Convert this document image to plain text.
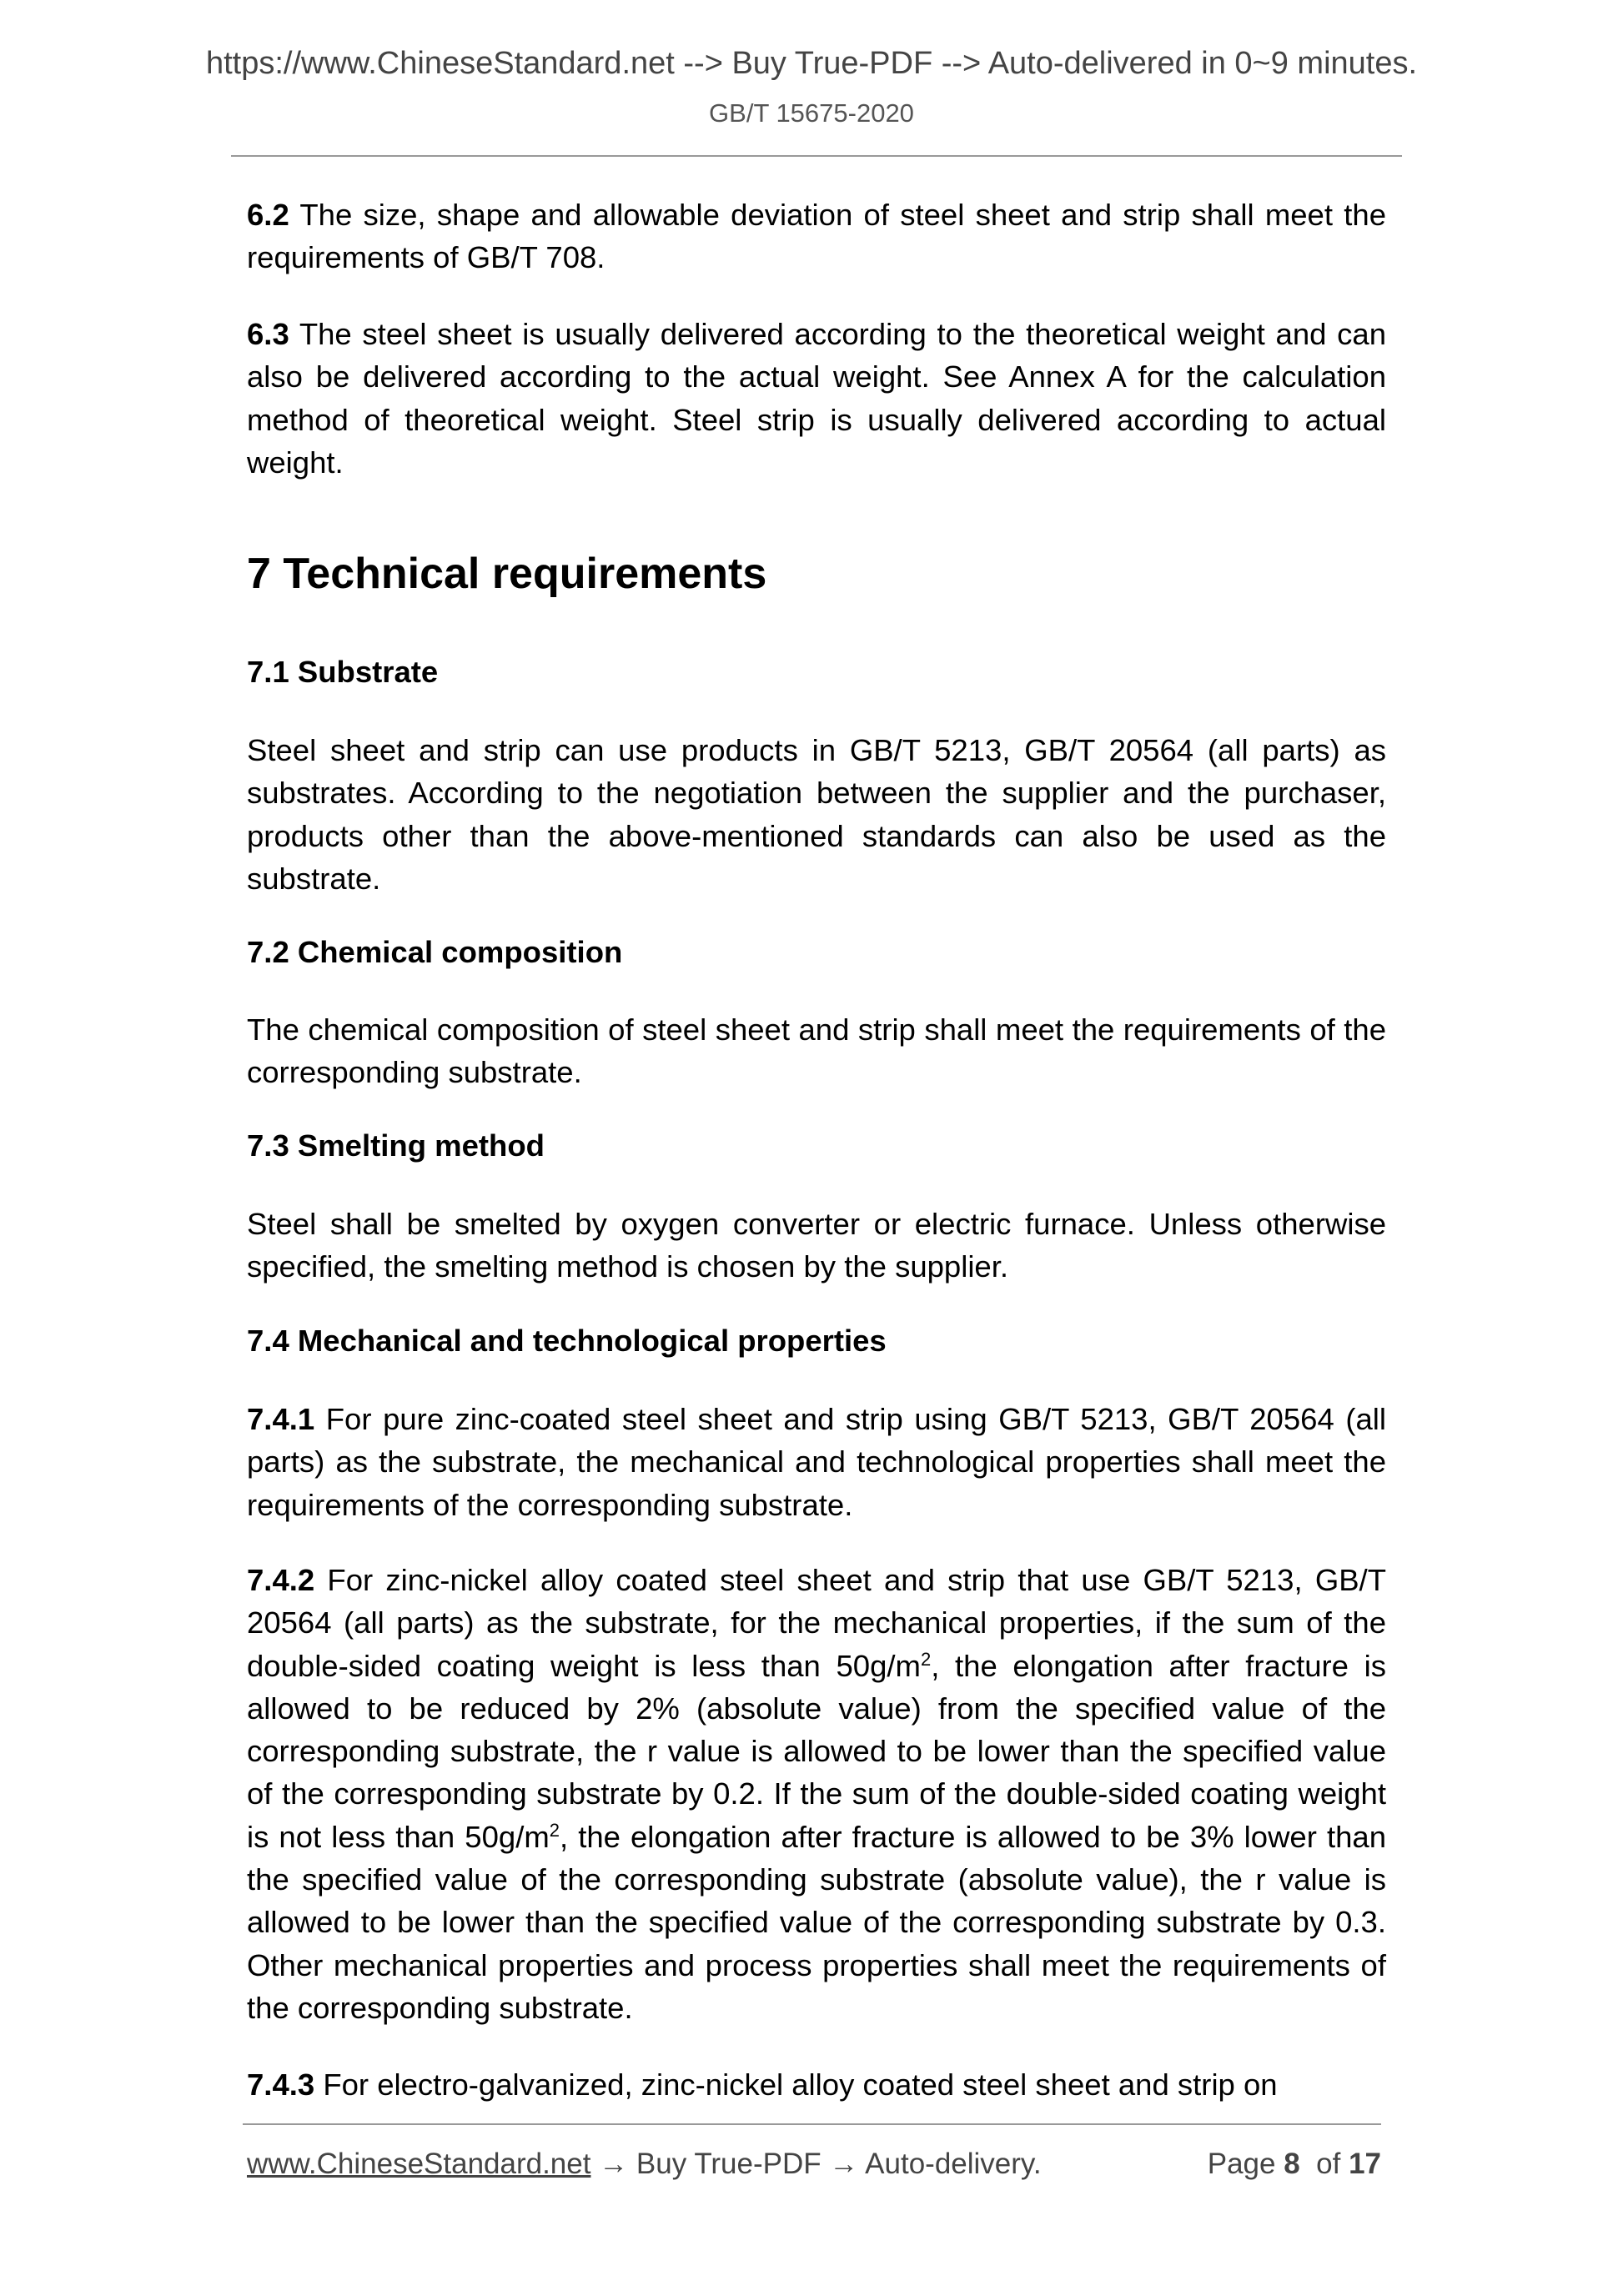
https://www.ChineseStandard.net --> Buy True-PDF --> Auto-delivered in 0~9 minutes.
GB/T 15675-2020
6.2 The size, shape and allowable deviation of steel sheet and strip shall meet the requirements of GB/T 708.
6.3 The steel sheet is usually delivered according to the theoretical weight and can also be delivered according to the actual weight. See Annex A for the calculation method of theoretical weight. Steel strip is usually delivered according to actual weight.
7 Technical requirements
7.1 Substrate
Steel sheet and strip can use products in GB/T 5213, GB/T 20564 (all parts) as substrates. According to the negotiation between the supplier and the purchaser, products other than the above-mentioned standards can also be used as the substrate.
7.2 Chemical composition
The chemical composition of steel sheet and strip shall meet the requirements of the corresponding substrate.
7.3 Smelting method
Steel shall be smelted by oxygen converter or electric furnace. Unless otherwise specified, the smelting method is chosen by the supplier.
7.4 Mechanical and technological properties
7.4.1 For pure zinc-coated steel sheet and strip using GB/T 5213, GB/T 20564 (all parts) as the substrate, the mechanical and technological properties shall meet the requirements of the corresponding substrate.
7.4.2 For zinc-nickel alloy coated steel sheet and strip that use GB/T 5213, GB/T 20564 (all parts) as the substrate, for the mechanical properties, if the sum of the double-sided coating weight is less than $50g/m^2$, the elongation after fracture is allowed to be reduced by 2% (absolute value) from the specified value of the corresponding substrate, the r value is allowed to be lower than the specified value of the corresponding substrate by 0.2. If the sum of the double-sided coating weight is not less than $50g/m^2$, the elongation after fracture is allowed to be 3% lower than the specified value of the corresponding substrate (absolute value), the r value is allowed to be lower than the specified value of the corresponding substrate by 0.3. Other mechanical properties and process properties shall meet the requirements of the corresponding substrate.
7.4.3 For electro-galvanized, zinc-nickel alloy coated steel sheet and strip on
www.ChineseStandard.net → Buy True-PDF → Auto-delivery.	Page 8 of 17
